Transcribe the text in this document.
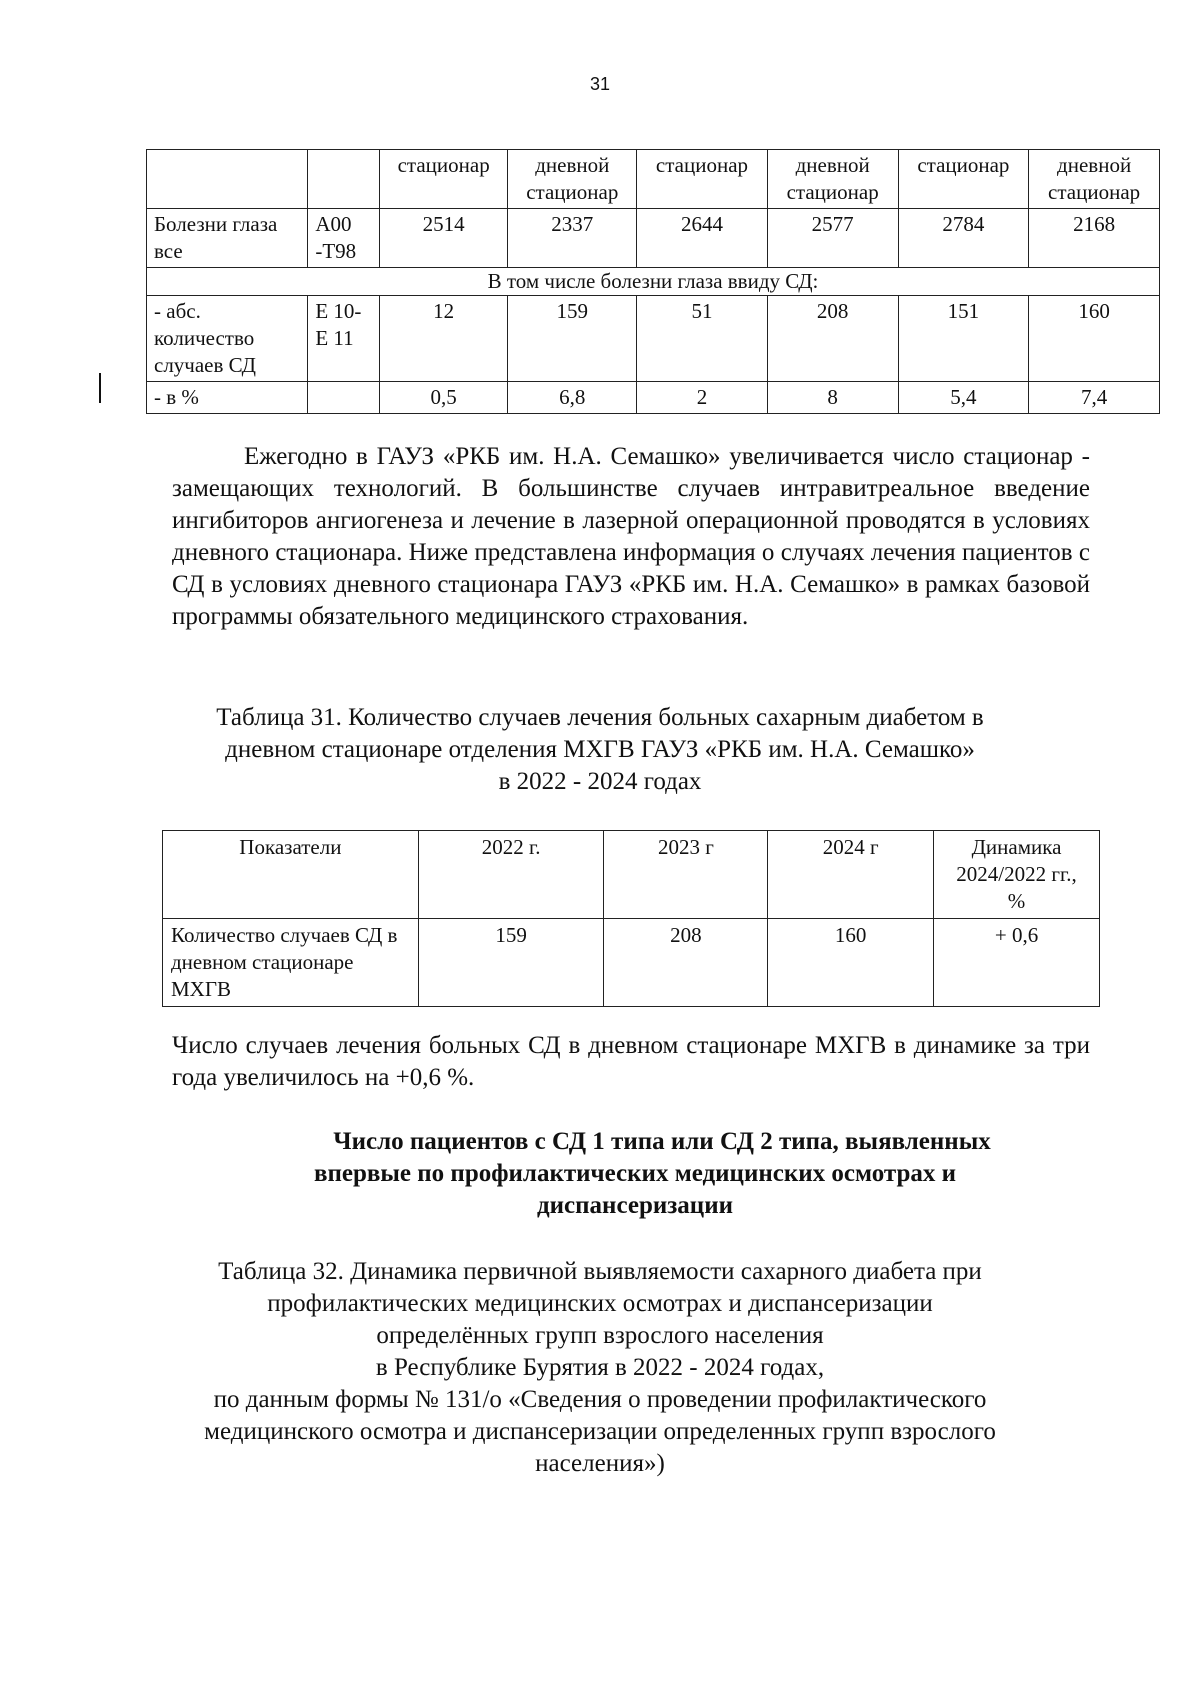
31
		стационар	дневной стационар	стационар	дневной стационар	стационар	дневной стационар
Болезни глаза все	А00 -Т98	2514	2337	2644	2577	2784	2168
В том числе болезни глаза ввиду СД:							
- абс. количество случаев СД	Е 10-Е 11	12	159	51	208	151	160
- в %		0,5	6,8	2	8	5,4	7,4

Ежегодно в ГАУЗ «РКБ им. Н.А. Семашко» увеличивается число стационар - замещающих технологий. В большинстве случаев интравитреальное введение ингибиторов ангиогенеза и лечение в лазерной операционной проводятся в условиях дневного стационара. Ниже представлена информация о случаях лечения пациентов с СД в условиях дневного стационара ГАУЗ «РКБ им. Н.А. Семашко» в рамках базовой программы обязательного медицинского страхования.

Таблица 31. Количество случаев лечения больных сахарным диабетом в
дневном стационаре отделения МХГВ ГАУЗ «РКБ им. Н.А. Семашко»
в 2022 - 2024 годах
Показатели	2022 г.	2023 г	2024 г	Динамика 2024/2022 гг., %
Количество случаев СД в дневном стационаре МХГВ	159	208	160	+ 0,6

Число случаев лечения больных СД в дневном стационаре МХГВ в динамике за три года увеличилось на +0,6 %.

Число пациентов с СД 1 типа или СД 2 типа, выявленных
впервые по профилактических медицинских осмотрах и
диспансеризации
Таблица 32. Динамика первичной выявляемости сахарного диабета при
профилактических медицинских осмотрах и диспансеризации
определённых групп взрослого населения
в Республике Бурятия в 2022 - 2024 годах,
по данным формы № 131/о «Сведения о проведении профилактического
медицинского осмотра и диспансеризации определенных групп взрослого
населения»)
